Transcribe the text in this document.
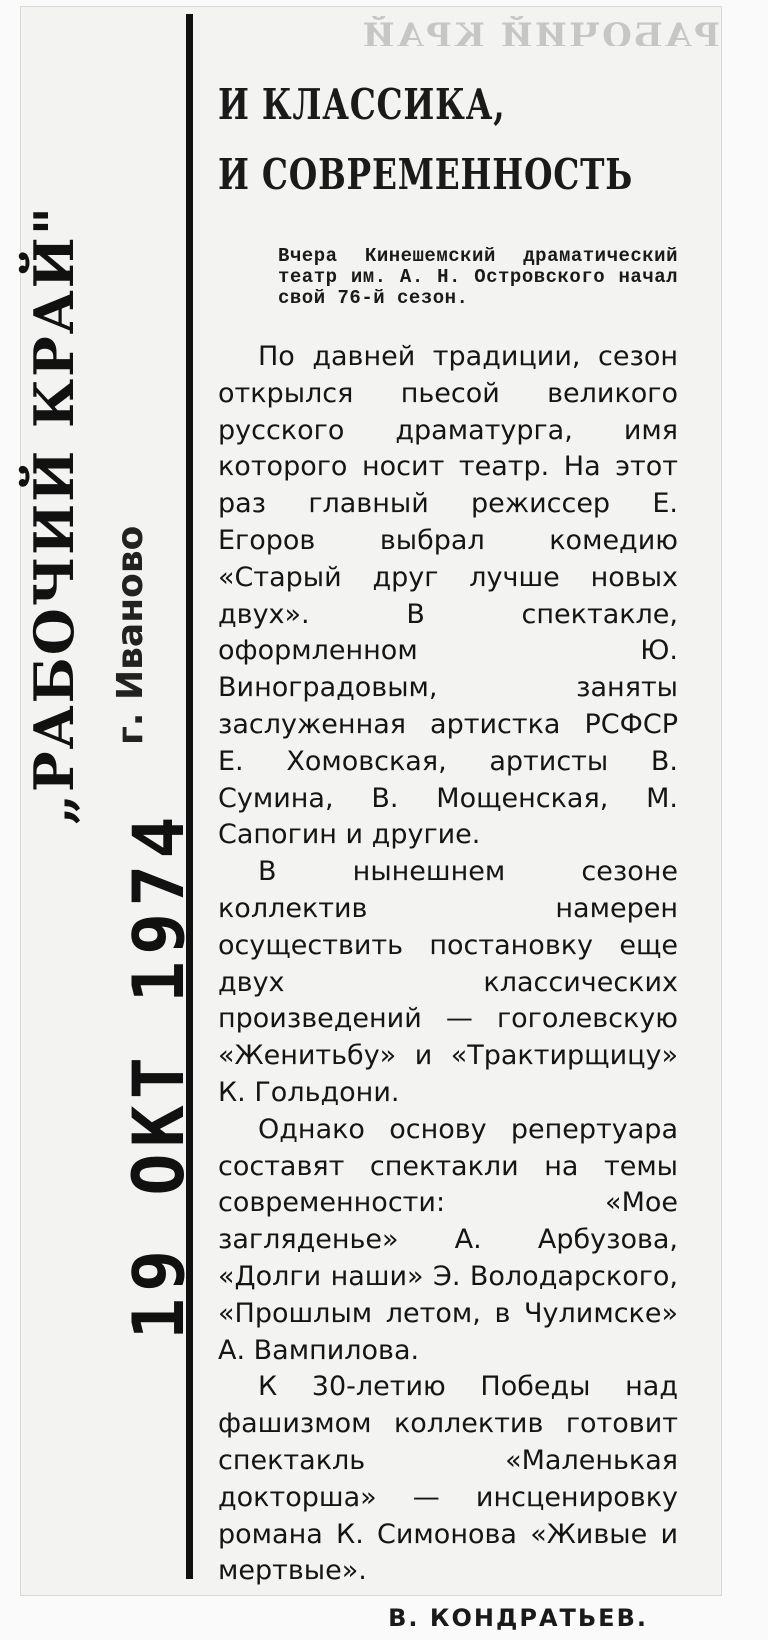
РАБОЧИЙ КРАЙ
„РАБОЧИЙ КРАЙ" г. Иваново
19 ОКТ 1974
И КЛАССИКА,
И СОВРЕМЕННОСТЬ
Вчера Кинешемский драматический театр им. А. Н. Островского начал свой 76-й сезон.

По давней традиции, сезон открылся пьесой великого русского драматурга, имя которого носит театр. На этот раз главный режиссер Е. Егоров выбрал комедию «Старый друг лучше новых двух». В спектакле, оформленном Ю. Виноградовым, заняты заслуженная артистка РСФСР Е. Хомовская, артисты В. Сумина, В. Мощенская, М. Сапогин и другие.

В нынешнем сезоне коллектив намерен осуществить постановку еще двух классических произведений — гоголевскую «Женитьбу» и «Трактирщицу» К. Гольдони.

Однако основу репертуара составят спектакли на темы современности: «Мое загляденье» А. Арбузова, «Долги наши» Э. Володарского, «Прошлым летом, в Чулимске» А. Вампилова.

К 30-летию Победы над фашизмом коллектив готовит спектакль «Маленькая докторша» — инсценировку романа К. Симонова «Живые и мертвые».

В. КОНДРАТЬЕВ.
